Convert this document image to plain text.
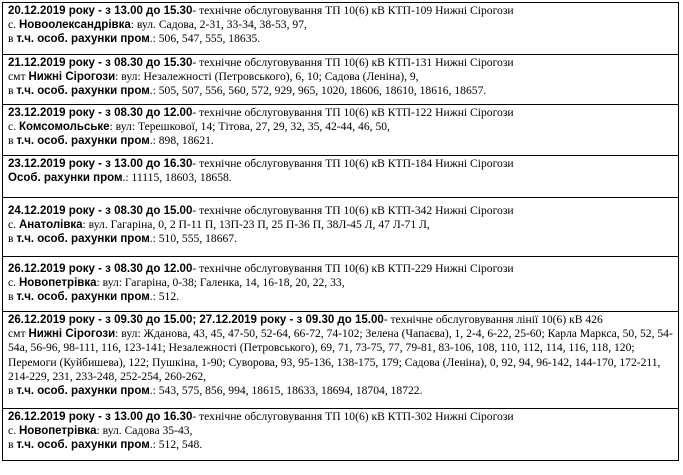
20.12.2019 року - з 13.00 до 15.30- технічне обслуговування ТП 10(6) кВ КТП-109 Нижні Сірогози
с. Новоолександрівка: вул. Садова, 2-31, 33-34, 38-53, 97,
в т.ч. особ. рахунки пром.: 506, 547, 555, 18635.

21.12.2019 року - з 08.30 до 15.30- технічне обслуговування ТП 10(6) кВ КТП-131 Нижні Сірогози
смт Нижні Сірогози: вул: Незалежності (Петровського), 6, 10; Садова (Леніна), 9,
в т.ч. особ. рахунки пром.: 505, 507, 556, 560, 572, 929, 965, 1020, 18606, 18610, 18616, 18657.

23.12.2019 року - з 08.30 до 12.00- технічне обслуговування ТП 10(6) кВ КТП-122 Нижні Сірогози
с. Комсомольське: вул: Терешкової, 14; Тітова, 27, 29, 32, 35, 42-44, 46, 50,
в т.ч. особ. рахунки пром.: 898, 18621.

23.12.2019 року - з 13.00 до 16.30- технічне обслуговування ТП 10(6) кВ КТП-184 Нижні Сірогози
Особ. рахунки пром.: 11115, 18603, 18658.

24.12.2019 року - з 08.30 до 15.00- технічне обслуговування ТП 10(6) кВ КТП-342 Нижні Сірогози
с. Анатолівка: вул. Гагаріна, 0, 2 П-11 П, 13П-23 П, 25 П-36 П, 38Л-45 Л, 47 Л-71 Л,
в т.ч. особ. рахунки пром.: 510, 555, 18667.

26.12.2019 року - з 08.30 до 12.00- технічне обслуговування ТП 10(6) кВ КТП-229 Нижні Сірогози
с. Новопетрівка: вул: Гагаріна, 0-38; Галенка, 14, 16-18, 20, 22, 33,
в т.ч. особ. рахунки пром.: 512.

26.12.2019 року - з 09.30 до 15.00; 27.12.2019 року - з 09.30 до 15.00- технічне обслуговування лінії 10(6) кВ 426
смт Нижні Сірогози: вул: Жданова, 43, 45, 47-50, 52-64, 66-72, 74-102; Зелена (Чапаєва), 1, 2-4, 6-22, 25-60; Карла Маркса, 50, 52, 54-54а, 56-96, 98-111, 116, 123-141; Незалежності (Петровського), 69, 71, 73-75, 77, 79-81, 83-106, 108, 110, 112, 114, 116, 118, 120; Перемоги (Куйбишева), 122; Пушкіна, 1-90; Суворова, 93, 95-136, 138-175, 179; Садова (Леніна), 0, 92, 94, 96-142, 144-170, 172-211, 214-229, 231, 233-248, 252-254, 260-262,
в т.ч. особ. рахунки пром.: 543, 575, 856, 994, 18615, 18633, 18694, 18704, 18722.

26.12.2019 року - з 13.00 до 16.30- технічне обслуговування ТП 10(6) кВ КТП-302 Нижні Сірогози
с. Новопетрівка: вул. Садова 35-43,
в т.ч. особ. рахунки пром.: 512, 548.
